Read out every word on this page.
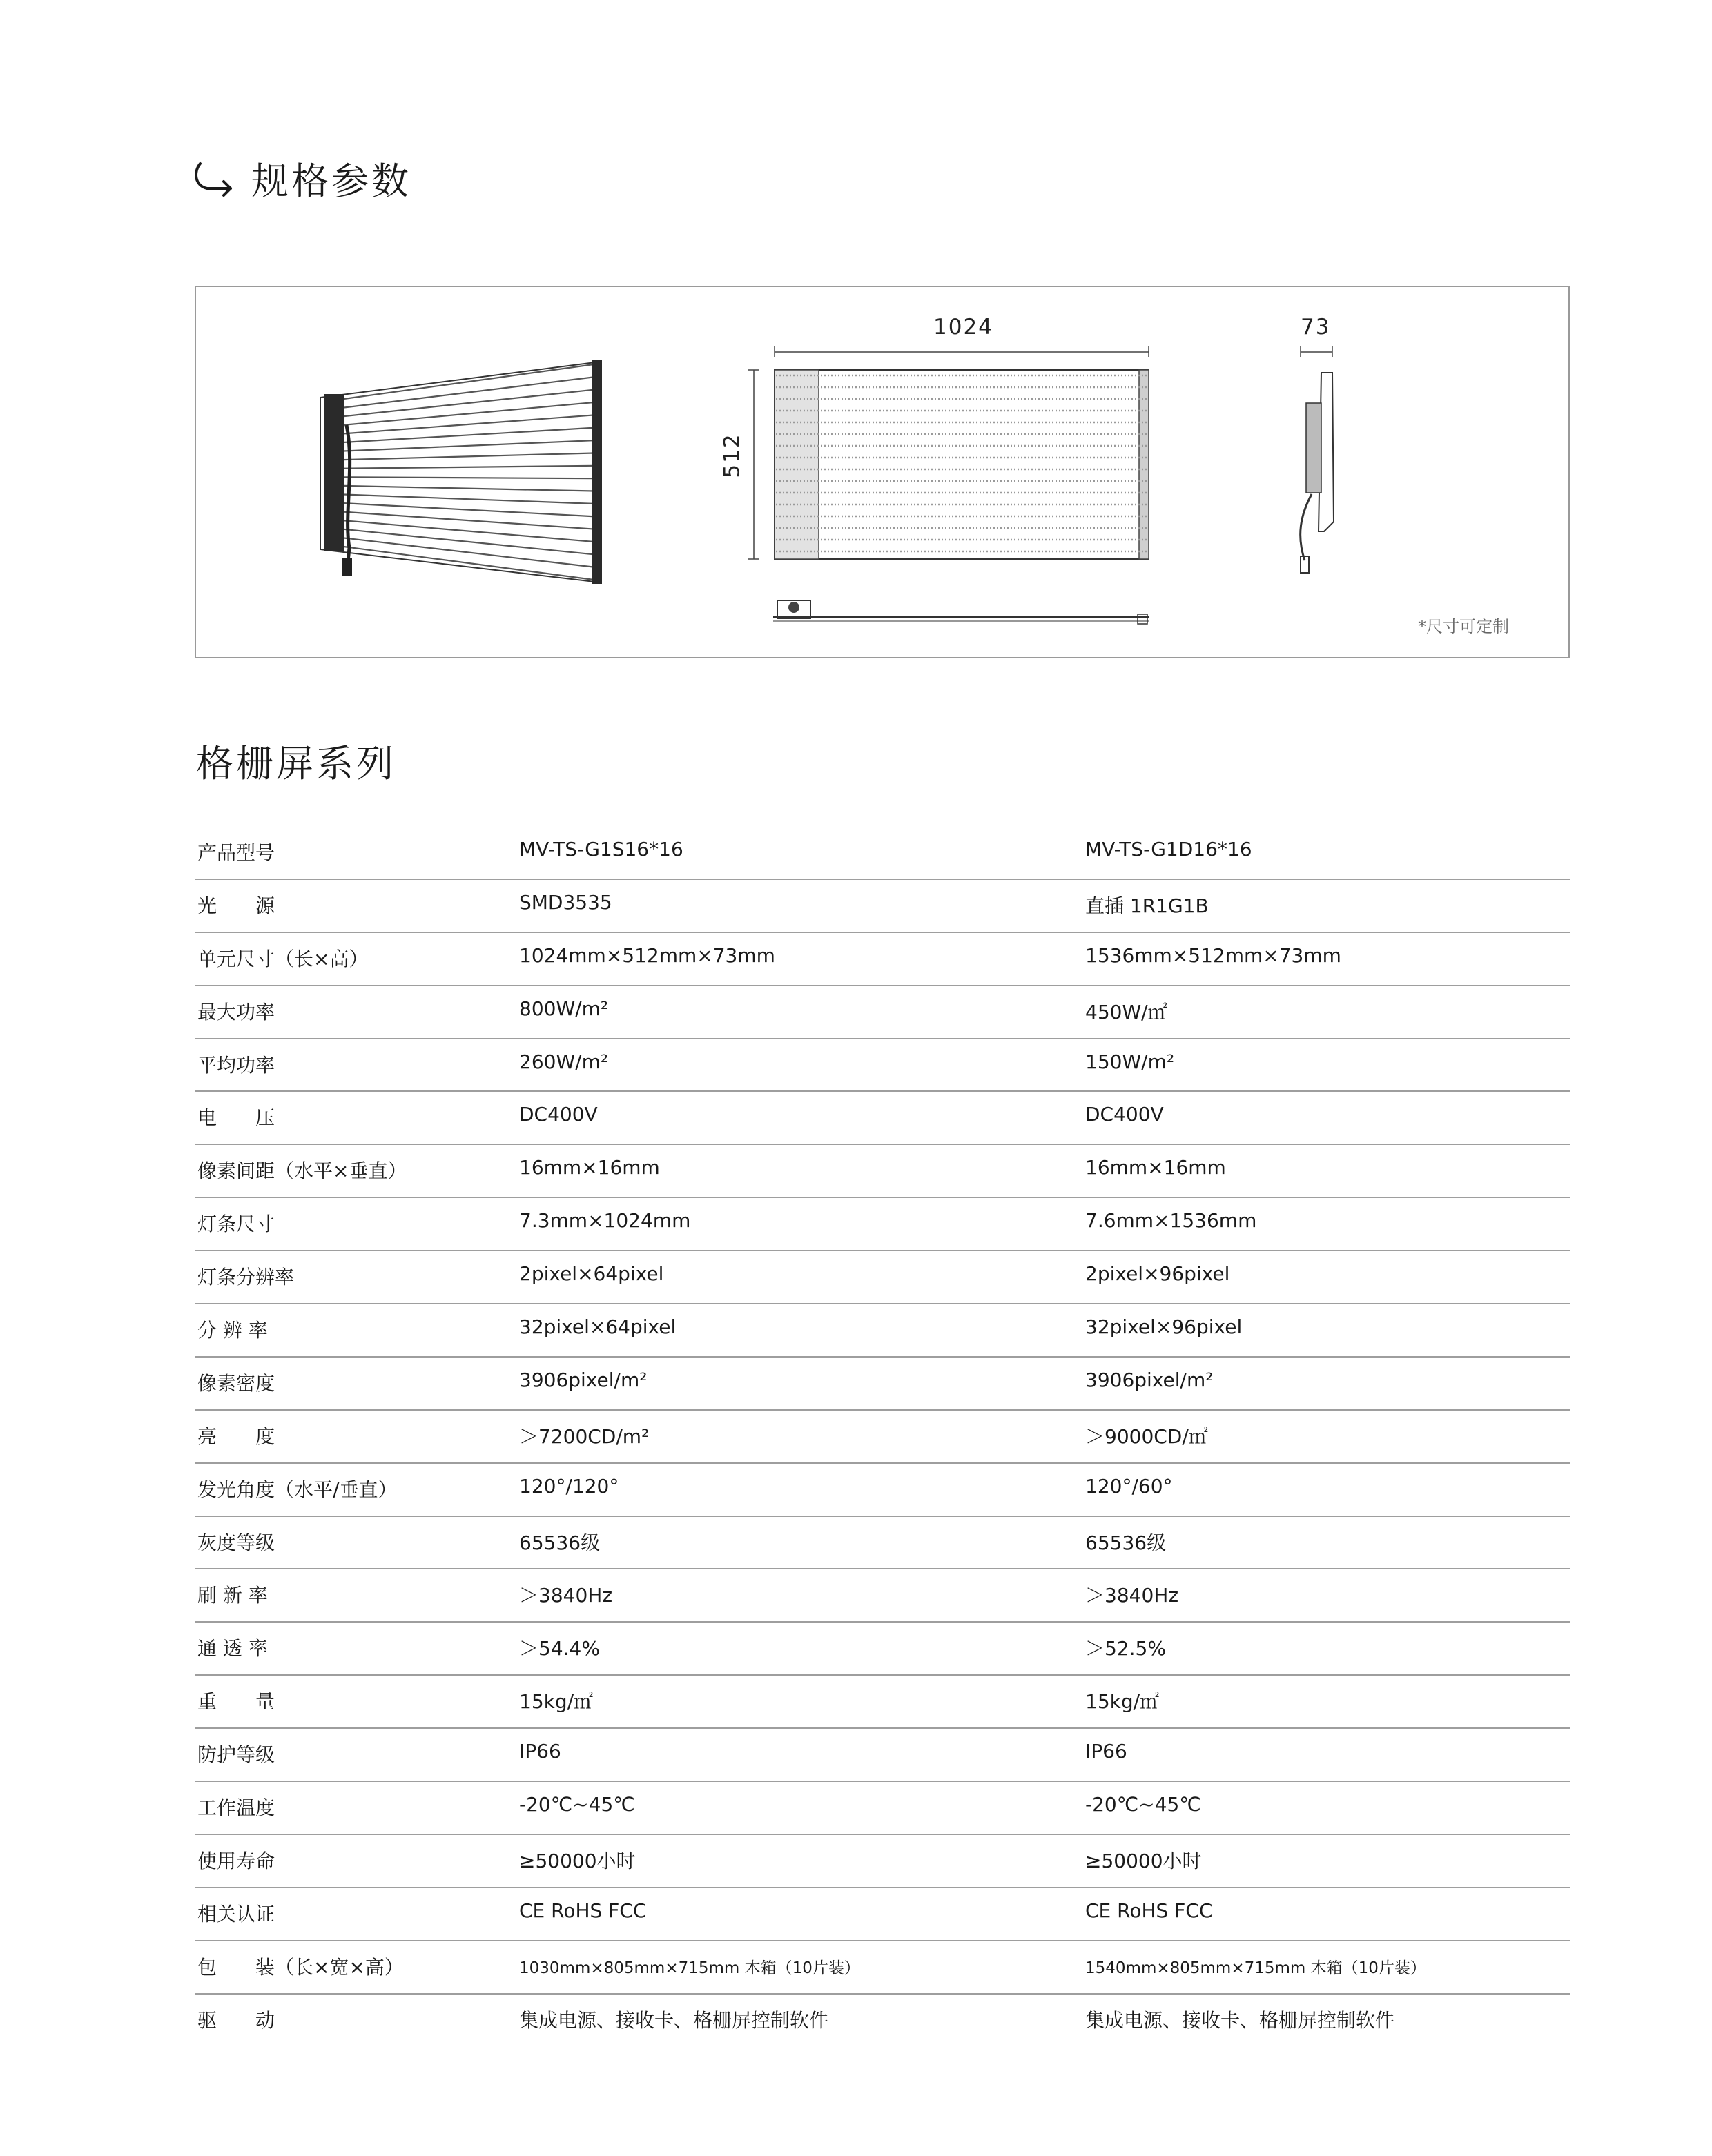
规格参数
1024
512
73
*尺寸可定制
格栅屏系列
产品型号	MV-TS-G1S16*16	MV-TS-G1D16*16
光　　源	SMD3535	直插 1R1G1B
单元尺寸（长×高）	1024mm×512mm×73mm	1536mm×512mm×73mm
最大功率	800W/m²	450W/㎡
平均功率	260W/m²	150W/m²
电　　压	DC400V	DC400V
像素间距（水平×垂直）	16mm×16mm	16mm×16mm
灯条尺寸	7.3mm×1024mm	7.6mm×1536mm
灯条分辨率	2pixel×64pixel	2pixel×96pixel
分 辨 率	32pixel×64pixel	32pixel×96pixel
像素密度	3906pixel/m²	3906pixel/m²
亮　　度	＞7200CD/m²	＞9000CD/㎡
发光角度（水平/垂直）	120°/120°	120°/60°
灰度等级	65536级	65536级
刷 新 率	＞3840Hz	＞3840Hz
通 透 率	＞54.4%	＞52.5%
重　　量	15kg/㎡	15kg/㎡
防护等级	IP66	IP66
工作温度	-20℃~45℃	-20℃~45℃
使用寿命	≥50000小时	≥50000小时
相关认证	CE RoHS FCC	CE RoHS FCC
包　　装（长×宽×高）	1030mm×805mm×715mm 木箱（10片装）	1540mm×805mm×715mm 木箱（10片装）
驱　　动	集成电源、接收卡、格栅屏控制软件	集成电源、接收卡、格栅屏控制软件
